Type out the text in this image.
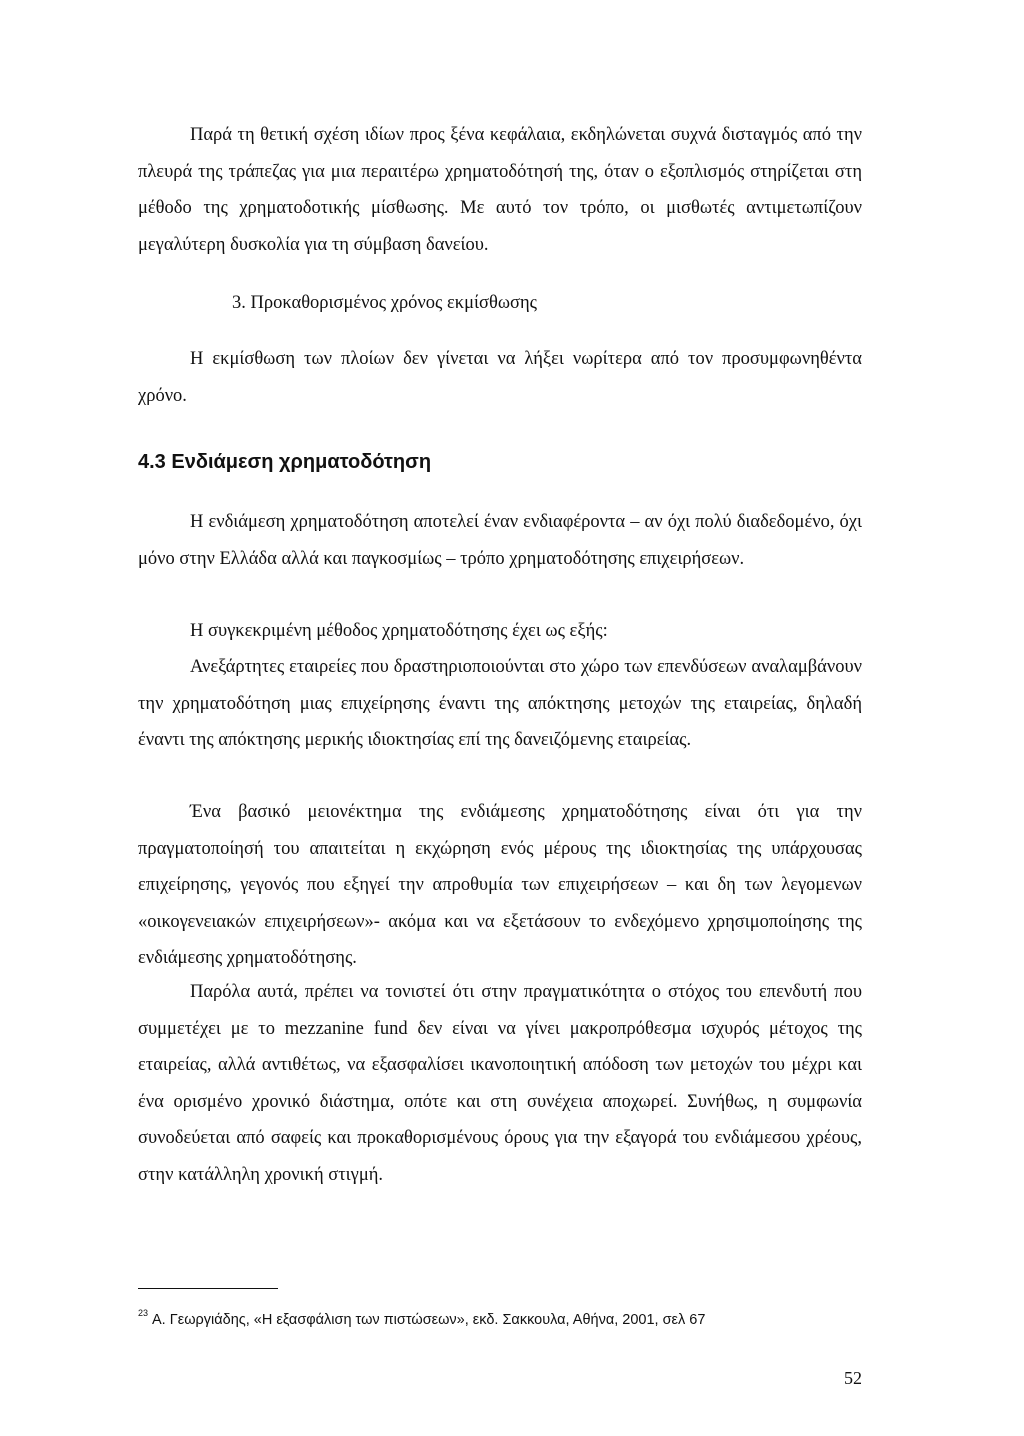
Παρά τη θετική σχέση ιδίων προς ξένα κεφάλαια, εκδηλώνεται συχνά δισταγμός από την πλευρά της τράπεζας για μια περαιτέρω χρηματοδότησή της, όταν ο εξοπλισμός στηρίζεται στη μέθοδο της χρηματοδοτικής μίσθωσης. Με αυτό τον τρόπο, οι μισθωτές αντιμετωπίζουν μεγαλύτερη δυσκολία για τη σύμβαση δανείου.

3. Προκαθορισμένος χρόνος εκμίσθωσης

Η εκμίσθωση των πλοίων δεν γίνεται να λήξει νωρίτερα από τον προσυμφωνηθέντα χρόνο.

4.3 Ενδιάμεση χρηματοδότηση

Η ενδιάμεση χρηματοδότηση αποτελεί έναν ενδιαφέροντα – αν όχι πολύ διαδεδομένο, όχι μόνο στην Ελλάδα αλλά και παγκοσμίως – τρόπο χρηματοδότησης επιχειρήσεων.

Η συγκεκριμένη μέθοδος χρηματοδότησης έχει ως εξής:

Ανεξάρτητες εταιρείες που δραστηριοποιούνται στο χώρο των επενδύσεων αναλαμβάνουν την χρηματοδότηση μιας επιχείρησης έναντι της απόκτησης μετοχών της εταιρείας, δηλαδή έναντι της απόκτησης μερικής ιδιοκτησίας επί της δανειζόμενης εταιρείας.

Ένα βασικό μειονέκτημα της ενδιάμεσης χρηματοδότησης είναι ότι για την πραγματοποίησή του απαιτείται η εκχώρηση ενός μέρους της ιδιοκτησίας της υπάρχουσας επιχείρησης, γεγονός που εξηγεί την απροθυμία των επιχειρήσεων – και δη των λεγομενων «οικογενειακών επιχειρήσεων»- ακόμα και να εξετάσουν το ενδεχόμενο χρησιμοποίησης της ενδιάμεσης χρηματοδότησης.

Παρόλα αυτά, πρέπει να τονιστεί ότι στην πραγματικότητα ο στόχος του επενδυτή που συμμετέχει με το mezzanine fund δεν είναι να γίνει μακροπρόθεσμα ισχυρός μέτοχος της εταιρείας, αλλά αντιθέτως, να εξασφαλίσει ικανοποιητική απόδοση των μετοχών του μέχρι και ένα ορισμένο χρονικό διάστημα, οπότε και στη συνέχεια αποχωρεί. Συνήθως, η συμφωνία συνοδεύεται από σαφείς και προκαθορισμένους όρους για την εξαγορά του ενδιάμεσου χρέους, στην κατάλληλη χρονική στιγμή.

$^{23}$ Α. Γεωργιάδης, «Η εξασφάλιση των πιστώσεων», εκδ. Σακκουλα, Αθήνα, 2001, σελ 67

52
